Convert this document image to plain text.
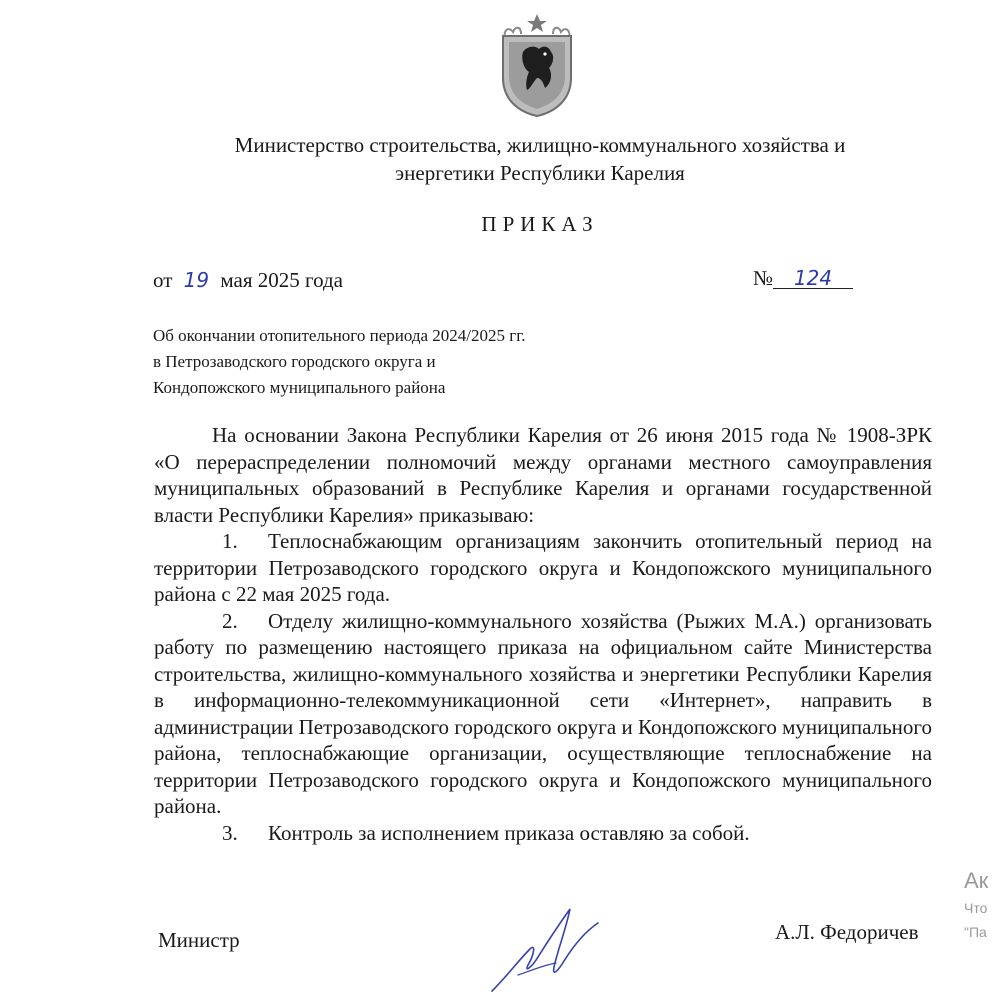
Министерство строительства, жилищно-коммунального хозяйства и
энергетики Республики Карелия
ПРИКАЗ
от 19 мая 2025 года	№ 124
Об окончании отопительного периода 2024/2025 гг.
в Петрозаводского городского округа и
Кондопожского муниципального района

На основании Закона Республики Карелия от 26 июня 2015 года № 1908-ЗРК «О перераспределении полномочий между органами местного самоуправления муниципальных образований в Республике Карелия и органами государственной власти Республики Карелия» приказываю:

1. Теплоснабжающим организациям закончить отопительный период на территории Петрозаводского городского округа и Кондопожского муниципального района с 22 мая 2025 года.

2. Отделу жилищно-коммунального хозяйства (Рыжих М.А.) организовать работу по размещению настоящего приказа на официальном сайте Министерства строительства, жилищно-коммунального хозяйства и энергетики Республики Карелия в информационно-телекоммуникационной сети «Интернет», направить в администрации Петрозаводского городского округа и Кондопожского муниципального района, теплоснабжающие организации, осуществляющие теплоснабжение на территории Петрозаводского городского округа и Кондопожского муниципального района.

3. Контроль за исполнением приказа оставляю за собой.

Министр	А.Л. Федоричев
Ак
Что
"Па
